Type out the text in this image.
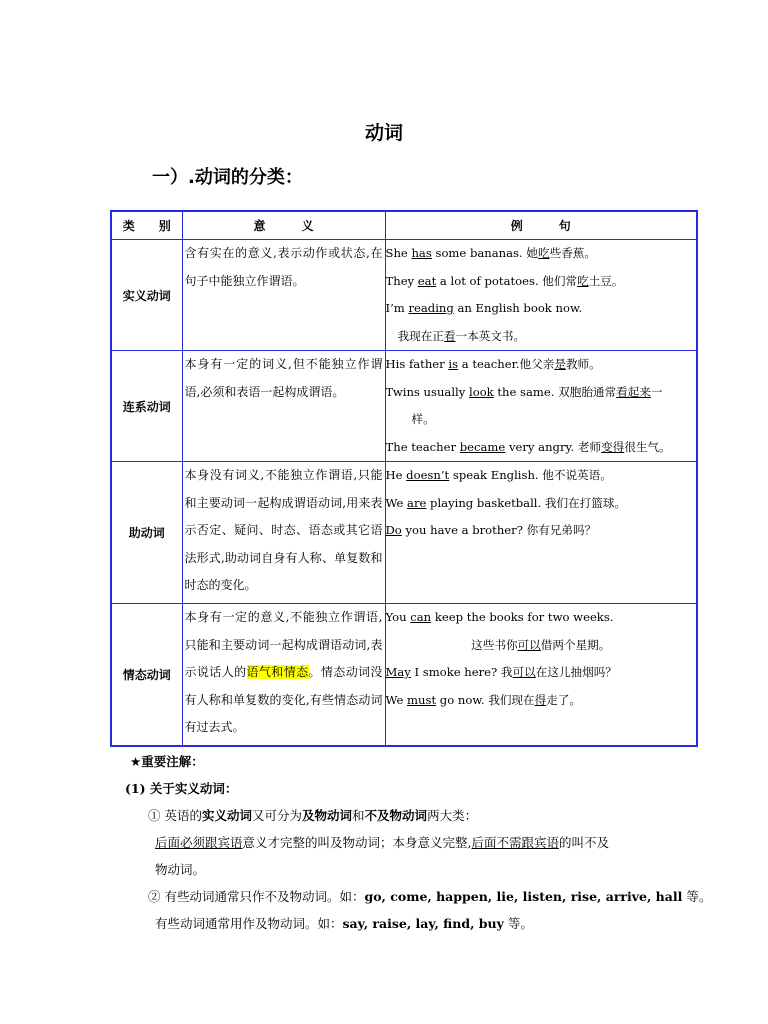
动词
一）.动词的分类：
类　　别	意　　　义	例　　　句
实义动词	含有实在的意义,表示动作或状态,在句子中能独立作谓语。	She has some bananas. 她吃些香蕉。
They eat a lot of potatoes. 他们常吃土豆。
I’m reading an English book now.
我现在正看一本英文书。

连系动词	本身有一定的词义,但不能独立作谓语,必须和表语一起构成谓语。	His father is a teacher.他父亲是教师。
Twins usually look the same. 双胞胎通常看起来一
样。
The teacher became very angry. 老师变得很生气。

助动词	本身没有词义,不能独立作谓语,只能和主要动词一起构成谓语动词,用来表示否定、疑问、时态、语态或其它语法形式,助动词自身有人称、单复数和时态的变化。	He doesn’t speak English. 他不说英语。
We are playing basketball. 我们在打篮球。
Do you have a brother? 你有兄弟吗？

情态动词	本身有一定的意义,不能独立作谓语,只能和主要动词一起构成谓语动词,表示说话人的语气和情态。情态动词没有人称和单复数的变化,有些情态动词有过去式。	You can keep the books for two weeks.
这些书你可以借两个星期。
May I smoke here? 我可以在这儿抽烟吗？
We must go now. 我们现在得走了。
★重要注解：
(1) 关于实义动词：
① 英语的实义动词又可分为及物动词和不及物动词两大类：
后面必须跟宾语意义才完整的叫及物动词；本身意义完整,后面不需跟宾语的叫不及
物动词。
② 有些动词通常只作不及物动词。如：go, come, happen, lie, listen, rise, arrive, hall 等。
有些动词通常用作及物动词。如：say, raise, lay, find, buy 等。
